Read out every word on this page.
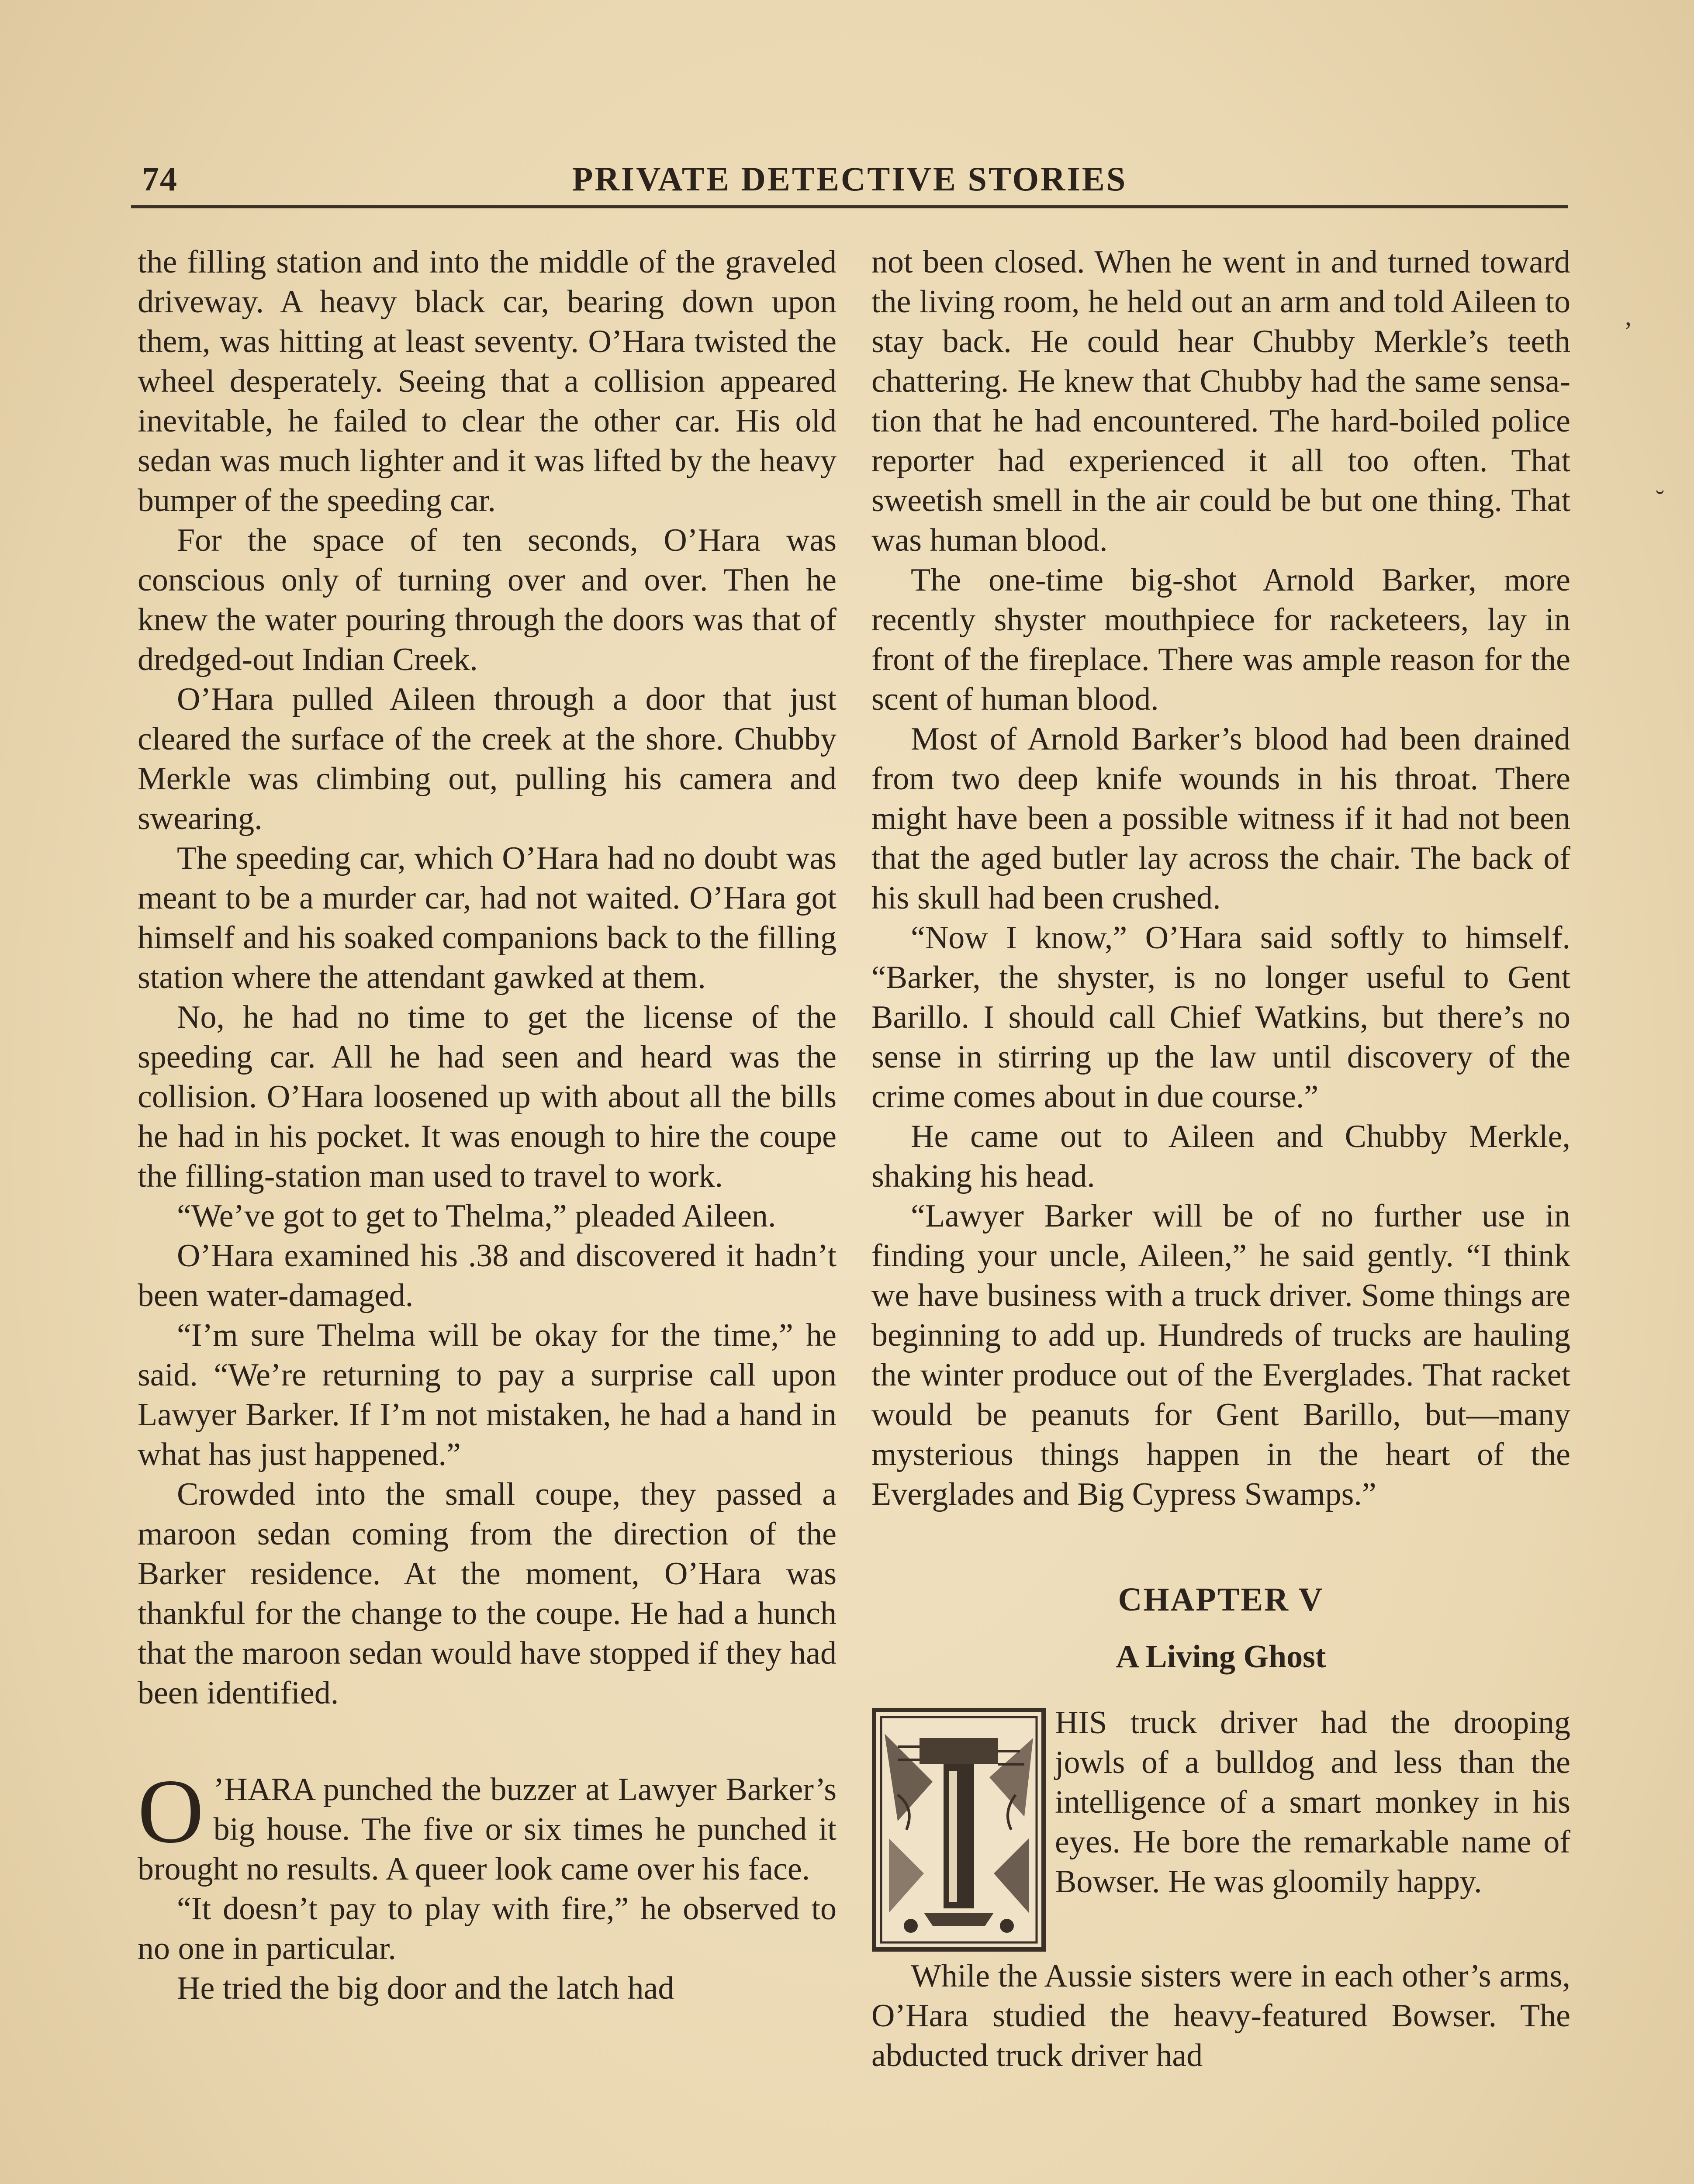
74	PRIVATE DETECTIVE STORIES

the filling station and into the middle of the graveled driveway. A heavy black car, bearing down upon them, was hitting at least seventy. O’Hara twisted the wheel desperately. Seeing that a collision appeared inevitable, he failed to clear the other car. His old sedan was much lighter and it was lifted by the heavy bumper of the speeding car.

For the space of ten seconds, O’Hara was conscious only of turning over and over. Then he knew the water pouring through the doors was that of dredged-out Indian Creek.

O’Hara pulled Aileen through a door that just cleared the surface of the creek at the shore. Chubby Merkle was climbing out, pulling his camera and swearing.

The speeding car, which O’Hara had no doubt was meant to be a murder car, had not waited. O’Hara got himself and his soaked companions back to the filling station where the attendant gawked at them.

No, he had no time to get the license of the speeding car. All he had seen and heard was the collision. O’Hara loosened up with about all the bills he had in his pocket. It was enough to hire the coupe the filling-station man used to travel to work.

“We’ve got to get to Thelma,” pleaded Aileen.

O’Hara examined his .38 and discovered it hadn’t been water-damaged.

“I’m sure Thelma will be okay for the time,” he said. “We’re returning to pay a surprise call upon Lawyer Barker. If I’m not mistaken, he had a hand in what has just happened.”

Crowded into the small coupe, they passed a maroon sedan coming from the direction of the Barker residence. At the moment, O’Hara was thankful for the change to the coupe. He had a hunch that the maroon sedan would have stopped if they had been identified.

O ’HARA punched the buzzer at Lawyer Barker’s big house. The five or six times he punched it brought no results. A queer look came over his face.

“It doesn’t pay to play with fire,” he observed to no one in particular.

He tried the big door and the latch had

not been closed. When he went in and turned toward the living room, he held out an arm and told Aileen to stay back. He could hear Chubby Merkle’s teeth chattering. He knew that Chubby had the same sensation that he had encountered. The hard-boiled police reporter had experienced it all too often. That sweetish smell in the air could be but one thing. That was human blood.

The one-time big-shot Arnold Barker, more recently shyster mouthpiece for racketeers, lay in front of the fireplace. There was ample reason for the scent of human blood.

Most of Arnold Barker’s blood had been drained from two deep knife wounds in his throat. There might have been a possible witness if it had not been that the aged butler lay across the chair. The back of his skull had been crushed.

“Now I know,” O’Hara said softly to himself. “Barker, the shyster, is no longer useful to Gent Barillo. I should call Chief Watkins, but there’s no sense in stirring up the law until discovery of the crime comes about in due course.”

He came out to Aileen and Chubby Merkle, shaking his head.

“Lawyer Barker will be of no further use in finding your uncle, Aileen,” he said gently. “I think we have business with a truck driver. Some things are beginning to add up. Hundreds of trucks are hauling the winter produce out of the Everglades. That racket would be peanuts for Gent Barillo, but—many mysterious things happen in the heart of the Everglades and Big Cypress Swamps.”

CHAPTER V
A Living Ghost

HIS truck driver had the drooping jowls of a bulldog and less than the intelligence of a smart monkey in his eyes. He bore the remarkable name of Bowser. He was gloomily happy.

While the Aussie sisters were in each other’s arms, O’Hara studied the heavy-featured Bowser. The abducted truck driver had

,
˘
